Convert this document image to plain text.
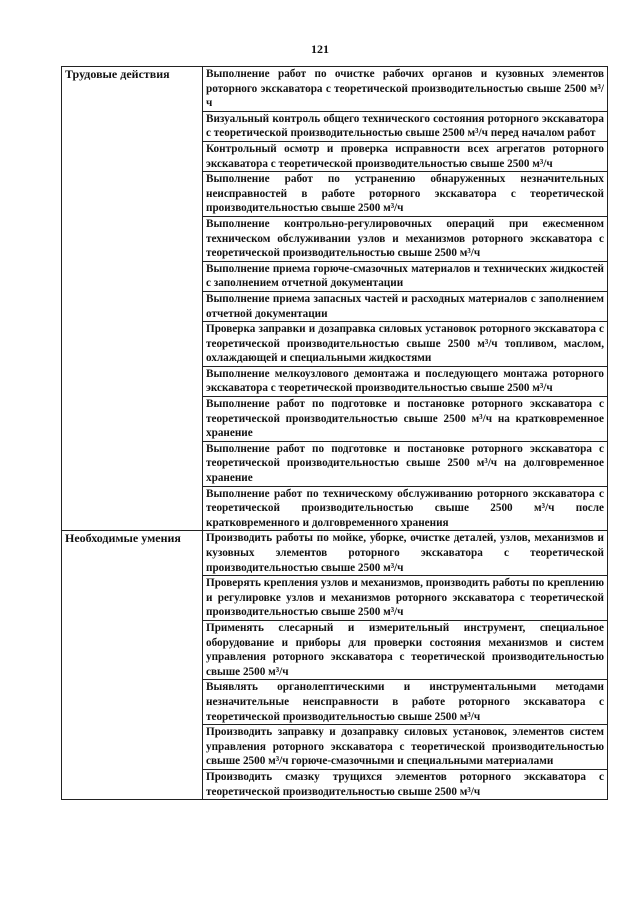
121
Трудовые действия	Выполнение работ по очистке рабочих органов и кузовных элементов роторного экскаватора с теоретической производительностью свыше 2500 м³/ч

	Визуальный контроль общего технического состояния роторного экскаватора с теоретической производительностью свыше 2500 м³/ч перед началом работ

	Контрольный осмотр и проверка исправности всех агрегатов роторного экскаватора с теоретической производительностью свыше 2500 м³/ч

	Выполнение работ по устранению обнаруженных незначительных неисправностей в работе роторного экскаватора с теоретической производительностью свыше 2500 м³/ч

	Выполнение контрольно-регулировочных операций при ежесменном техническом обслуживании узлов и механизмов роторного экскаватора с теоретической производительностью свыше 2500 м³/ч

	Выполнение приема горюче-смазочных материалов и технических жидкостей с заполнением отчетной документации

	Выполнение приема запасных частей и расходных материалов с заполнением отчетной документации

	Проверка заправки и дозаправка силовых установок роторного экскаватора с теоретической производительностью свыше 2500 м³/ч топливом, маслом, охлаждающей и специальными жидкостями

	Выполнение мелкоузлового демонтажа и последующего монтажа роторного экскаватора с теоретической производительностью свыше 2500 м³/ч

	Выполнение работ по подготовке и постановке роторного экскаватора с теоретической производительностью свыше 2500 м³/ч на кратковременное хранение

	Выполнение работ по подготовке и постановке роторного экскаватора с теоретической производительностью свыше 2500 м³/ч на долговременное хранение

	Выполнение работ по техническому обслуживанию роторного экскаватора с теоретической производительностью свыше 2500 м³/ч после кратковременного и долговременного хранения

Необходимые умения	Производить работы по мойке, уборке, очистке деталей, узлов, механизмов и кузовных элементов роторного экскаватора с теоретической производительностью свыше 2500 м³/ч

	Проверять крепления узлов и механизмов, производить работы по креплению и регулировке узлов и механизмов роторного экскаватора с теоретической производительностью свыше 2500 м³/ч

	Применять слесарный и измерительный инструмент, специальное оборудование и приборы для проверки состояния механизмов и систем управления роторного экскаватора с теоретической производительностью свыше 2500 м³/ч

	Выявлять органолептическими и инструментальными методами незначительные неисправности в работе роторного экскаватора с теоретической производительностью свыше 2500 м³/ч

	Производить заправку и дозаправку силовых установок, элементов систем управления роторного экскаватора с теоретической производительностью свыше 2500 м³/ч горюче-смазочными и специальными материалами

	Производить смазку трущихся элементов роторного экскаватора с теоретической производительностью свыше 2500 м³/ч
